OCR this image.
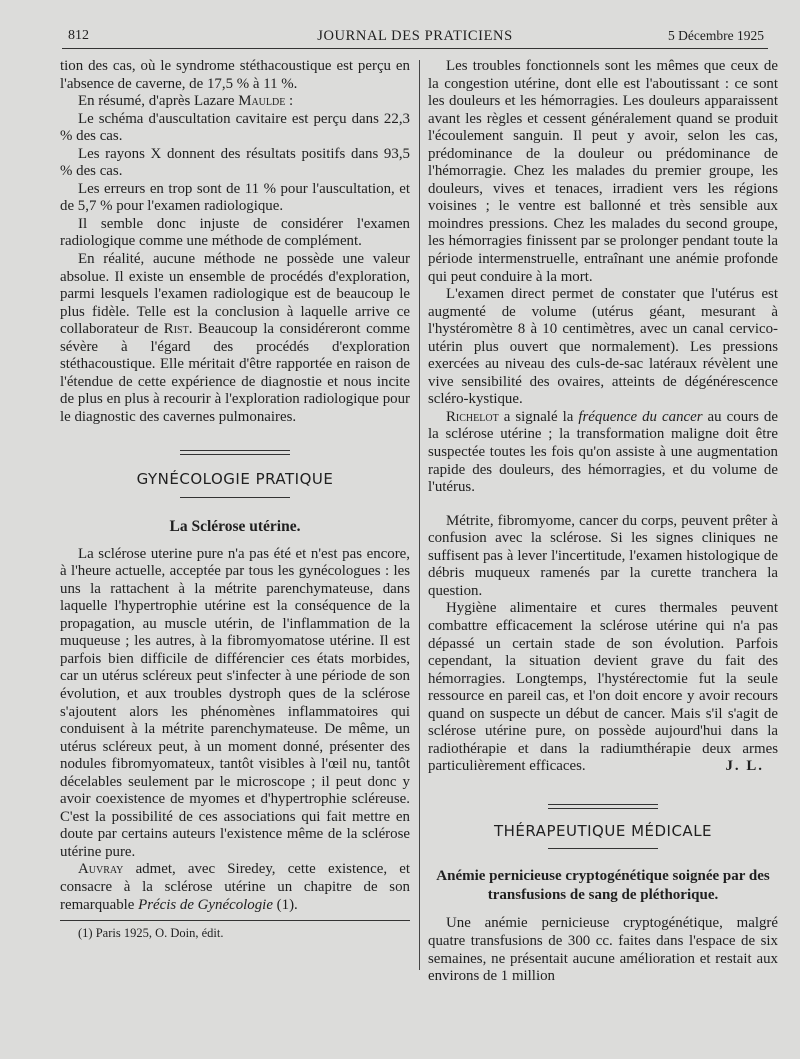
812	JOURNAL DES PRATICIENS	5 Décembre 1925

tion des cas, où le syndrome stéthacoustique est perçu en l'absence de caverne, de 17,5 % à 11 %.

En résumé, d'après Lazare Maulde :

Le schéma d'auscultation cavitaire est perçu dans 22,3 % des cas.

Les rayons X donnent des résultats positifs dans 93,5 % des cas.

Les erreurs en trop sont de 11 % pour l'auscultation, et de 5,7 % pour l'examen radiologique.

Il semble donc injuste de considérer l'examen radiologique comme une méthode de complément.

En réalité, aucune méthode ne possède une valeur absolue. Il existe un ensemble de procédés d'exploration, parmi lesquels l'examen radiologique est de beaucoup le plus fidèle. Telle est la conclusion à laquelle arrive ce collaborateur de Rist. Beaucoup la considéreront comme sévère à l'égard des procédés d'exploration stéthacoustique. Elle méritait d'être rapportée en raison de l'étendue de cette expérience de diagnostie et nous incite de plus en plus à recourir à l'exploration radiologique pour le diagnostic des cavernes pulmonaires.

GYNÉCOLOGIE PRATIQUE

La Sclérose utérine.

La sclérose uterine pure n'a pas été et n'est pas encore, à l'heure actuelle, acceptée par tous les gynécologues : les uns la rattachent à la métrite parenchymateuse, dans laquelle l'hypertrophie utérine est la conséquence de la propagation, au muscle utérin, de l'inflammation de la muqueuse ; les autres, à la fibromyomatose utérine. Il est parfois bien difficile de différencier ces états morbides, car un utérus scléreux peut s'infecter à une période de son évolution, et aux troubles dystroph ques de la sclérose s'ajoutent alors les phénomènes inflammatoires qui conduisent à la métrite parenchymateuse. De même, un utérus scléreux peut, à un moment donné, présenter des nodules fibromyomateux, tantôt visibles à l'œil nu, tantôt décelables seulement par le microscope ; il peut donc y avoir coexistence de myomes et d'hypertrophie scléreuse. C'est la possibilité de ces associations qui fait mettre en doute par certains auteurs l'existence même de la sclérose utérine pure.

Auvray admet, avec Siredey, cette existence, et consacre à la sclérose utérine un chapitre de son remarquable Précis de Gynécologie (1).

(1) Paris 1925, O. Doin, édit.

Les troubles fonctionnels sont les mêmes que ceux de la congestion utérine, dont elle est l'aboutissant : ce sont les douleurs et les hémorragies. Les douleurs apparaissent avant les règles et cessent généralement quand se produit l'écoulement sanguin. Il peut y avoir, selon les cas, prédominance de la douleur ou prédominance de l'hémorragie. Chez les malades du premier groupe, les douleurs, vives et tenaces, irradient vers les régions voisines ; le ventre est ballonné et très sensible aux moindres pressions. Chez les malades du second groupe, les hémorragies finissent par se prolonger pendant toute la période intermenstruelle, entraînant une anémie profonde qui peut conduire à la mort.

L'examen direct permet de constater que l'utérus est augmenté de volume (utérus géant, mesurant à l'hystéromètre 8 à 10 centimètres, avec un canal cervico-utérin plus ouvert que normalement). Les pressions exercées au niveau des culs-de-sac latéraux révèlent une vive sensibilité des ovaires, atteints de dégénérescence scléro-kystique.

Richelot a signalé la fréquence du cancer au cours de la sclérose utérine ; la transformation maligne doit être suspectée toutes les fois qu'on assiste à une augmentation rapide des douleurs, des hémorragies, et du volume de l'utérus.

Métrite, fibromyome, cancer du corps, peuvent prêter à confusion avec la sclérose. Si les signes cliniques ne suffisent pas à lever l'incertitude, l'examen histologique de débris muqueux ramenés par la curette tranchera la question.

Hygiène alimentaire et cures thermales peuvent combattre efficacement la sclérose utérine qui n'a pas dépassé un certain stade de son évolution. Parfois cependant, la situation devient grave du fait des hémorragies. Longtemps, l'hystérectomie fut la seule ressource en pareil cas, et l'on doit encore y avoir recours quand on suspecte un début de cancer. Mais s'il s'agit de sclérose utérine pure, on possède aujourd'hui dans la radiothérapie et dans la radiumthérapie deux armes particulièrement efficaces.	J. L.

THÉRAPEUTIQUE MÉDICALE

Anémie pernicieuse cryptogénétique soignée par des transfusions de sang de pléthorique.

Une anémie pernicieuse cryptogénétique, malgré quatre transfusions de 300 cc. faites dans l'espace de six semaines, ne présentait aucune amélioration et restait aux environs de 1 million
